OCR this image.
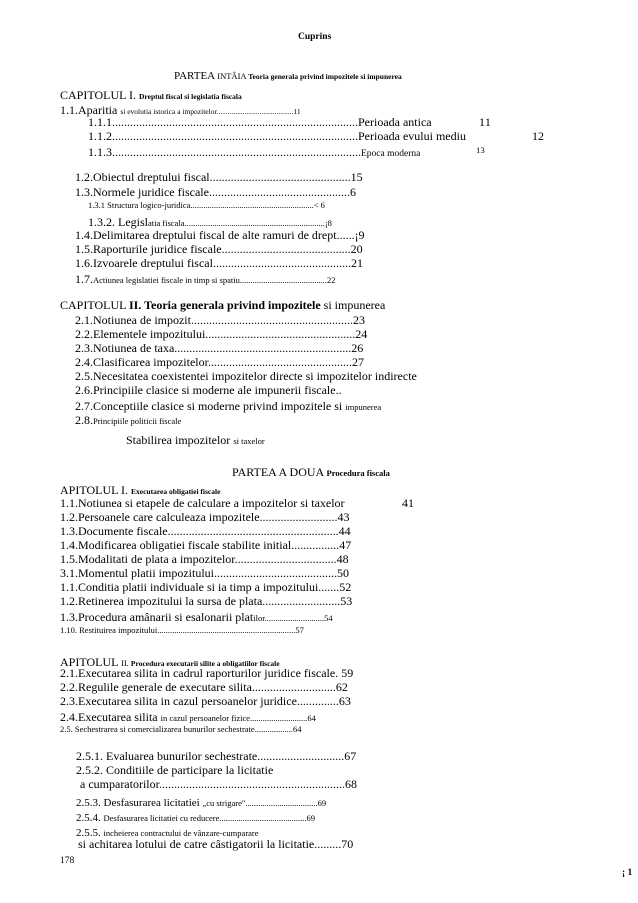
Cuprins
PARTEA INTÂIA Teoria generala privind impozitele si impunerea
CAPITOLUL I. Dreptul fiscal si legislatia fiscala
1.1.Aparitia si evolutia istorica a impozitelor.........................................11
1.1.1..................................................................................Perioada antica	11
1.1.2..................................................................................Perioada evului mediu	12
1.1.3...................................................................................Epoca moderna	13
1.2.Obiectul dreptului fiscal...............................................15
1.3.Normele juridice fiscale...............................................6
1.3.1 Structura logico-juridica..........................................................< 6
1.3.2. Legislatia fiscala..................................................................¡8
1.4.Delimitarea dreptului fiscal de alte ramuri de drept......¡9
1.5.Raporturile juridice fiscale...........................................20
1.6.Izvoarele dreptului fiscal..............................................21
1.7.Actiunea legislatiei fiscale in timp si spatiu.........................................22
CAPITOLUL II. Teoria generala privind impozitele si impunerea
2.1.Notiunea de impozit......................................................23
2.2.Elementele impozitului..................................................24
2.3.Notiunea de taxa...........................................................26
2.4.Clasificarea impozitelor................................................27
2.5.Necesitatea coexistentei impozitelor directe si impozitelor indirecte
2.6.Principiile clasice si moderne ale impunerii fiscale..
2.7.Conceptiile clasice si moderne privind impozitele si impunerea
2.8.Principiile politicii fiscale
Stabilirea impozitelor si taxelor
PARTEA A DOUA Procedura fiscala
APITOLUL I. Executarea obligatiei fiscale
1.1.Notiunea si etapele de calculare a impozitelor si taxelor	41
1.2.Persoanele care calculeaza impozitele..........................43
1.3.Documente fiscale.........................................................44
1.4.Modificarea obligatiei fiscale stabilite initial................47
1.5.Modalitati de plata a impozitelor..................................48
3.1.Momentul platii impozitului.........................................50
1.1.Conditia platii individuale si ia timp a impozitului.......52
1.2.Retinerea impozitului la sursa de plata..........................53
1.3.Procedura amânarii si esalonarii platilor............................54
1.10. Restituirea impozitului.................................................................57
APITOLUL II. Procedura executarii silite a obligatiilor fiscale
2.1.Executarea silita in cadrul raporturilor juridice fiscale. 59
2.2.Regulile generale de executare silita............................62
2.3.Executarea silita in cazul persoanelor juridice..............63
2.4.Executarea silita in cazul persoanelor fizice...........................64
2.5. Sechestrarea si comercializarea bunurilor sechestrate..................64
2.5.1. Evaluarea bunurilor sechestrate.............................67
2.5.2. Conditiile de participare la licitatie
a cumparatorilor..............................................................68
2.5.3. Desfasurarea licitatiei „cu strigare"..................................69
2.5.4. Desfasurarea licitatiei cu reducere.........................................69
2.5.5. incheierea contractului de vânzare-cumparare
si achitarea lotului de catre câstigatorii la licitatie.........70
178
¡ 1
